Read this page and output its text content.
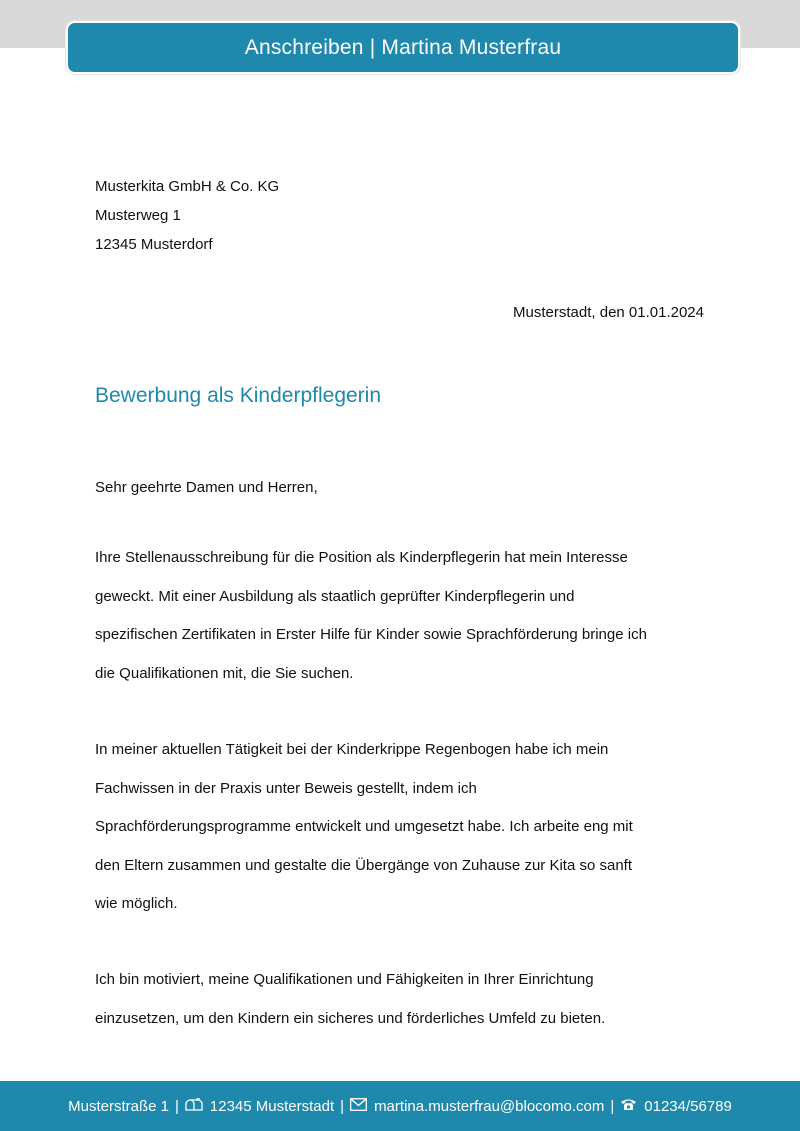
Anschreiben | Martina Musterfrau
Musterkita GmbH & Co. KG
Musterweg 1
12345 Musterdorf
Musterstadt, den 01.01.2024
Bewerbung als Kinderpflegerin
Sehr geehrte Damen und Herren,
Ihre Stellenausschreibung für die Position als Kinderpflegerin hat mein Interesse
geweckt. Mit einer Ausbildung als staatlich geprüfter Kinderpflegerin und
spezifischen Zertifikaten in Erster Hilfe für Kinder sowie Sprachförderung bringe ich
die Qualifikationen mit, die Sie suchen.
In meiner aktuellen Tätigkeit bei der Kinderkrippe Regenbogen habe ich mein
Fachwissen in der Praxis unter Beweis gestellt, indem ich
Sprachförderungsprogramme entwickelt und umgesetzt habe. Ich arbeite eng mit
den Eltern zusammen und gestalte die Übergänge von Zuhause zur Kita so sanft
wie möglich.
Ich bin motiviert, meine Qualifikationen und Fähigkeiten in Ihrer Einrichtung
einzusetzen, um den Kindern ein sicheres und förderliches Umfeld zu bieten.
Musterstraße 1 | 12345 Musterstadt | martina.musterfrau@blocomo.com | 01234/56789
